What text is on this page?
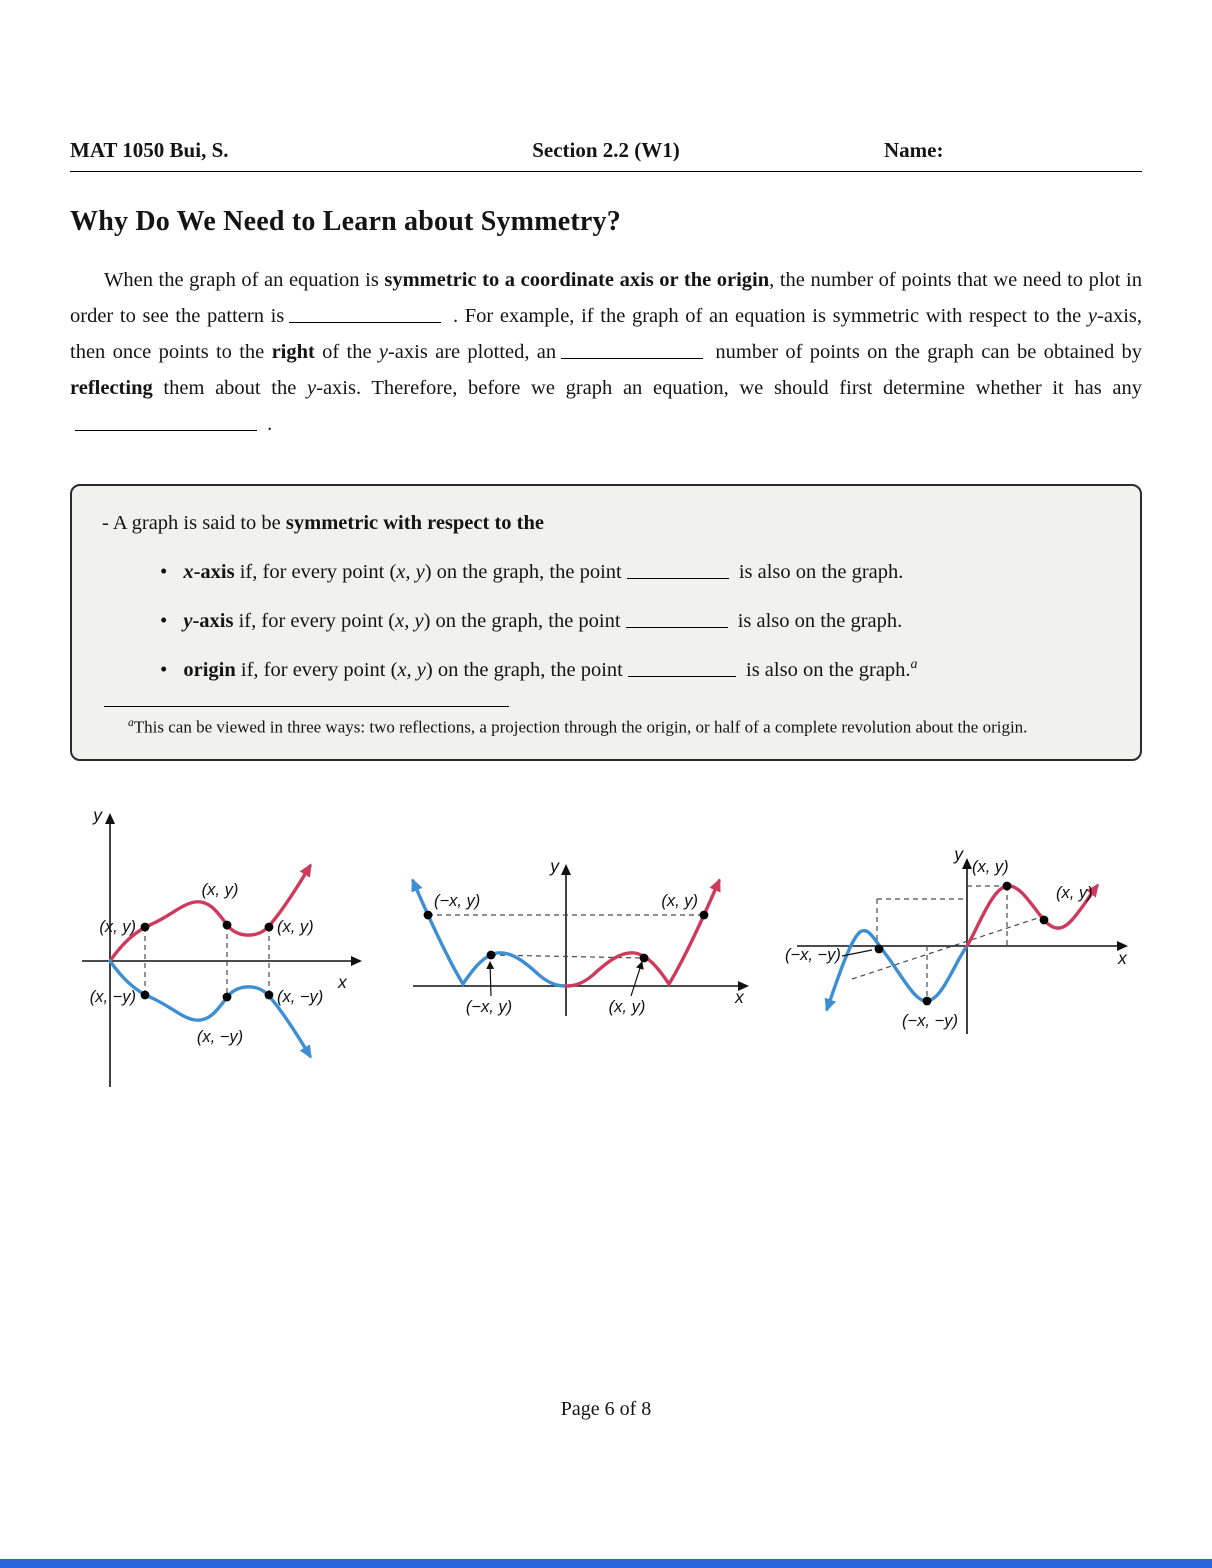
MAT 1050 Bui, S.	Section 2.2 (W1)	Name:
Why Do We Need to Learn about Symmetry?

When the graph of an equation is symmetric to a coordinate axis or the origin, the number of points that we need to plot in order to see the pattern is	. For example, if the graph of an equation is symmetric with respect to the y-axis, then once points to the right of the y-axis are plotted, an	number of points on the graph can be obtained by reflecting them about the y-axis. Therefore, before we graph an equation, we should first determine whether it has any .

- A graph is said to be symmetric with respect to the

• x-axis if, for every point (x, y) on the graph, the point	is also on the graph.
• y-axis if, for every point (x, y) on the graph, the point	is also on the graph.
• origin if, for every point (x, y) on the graph, the point	is also on the graph.$^a$

$^a$This can be viewed in three ways: two reflections, a projection through the origin, or half of a complete revolution about the origin.

y
x
(x, y)
(x, y)
(x, y)
(x, −y)
(x, −y)
(x, −y)
y
x
(−x, y)	(x, y)
(−x, y)	(x, y)
y
x
(x, y)
(x, y)
(−x, −y)
(−x, −y)
Page 6 of 8
